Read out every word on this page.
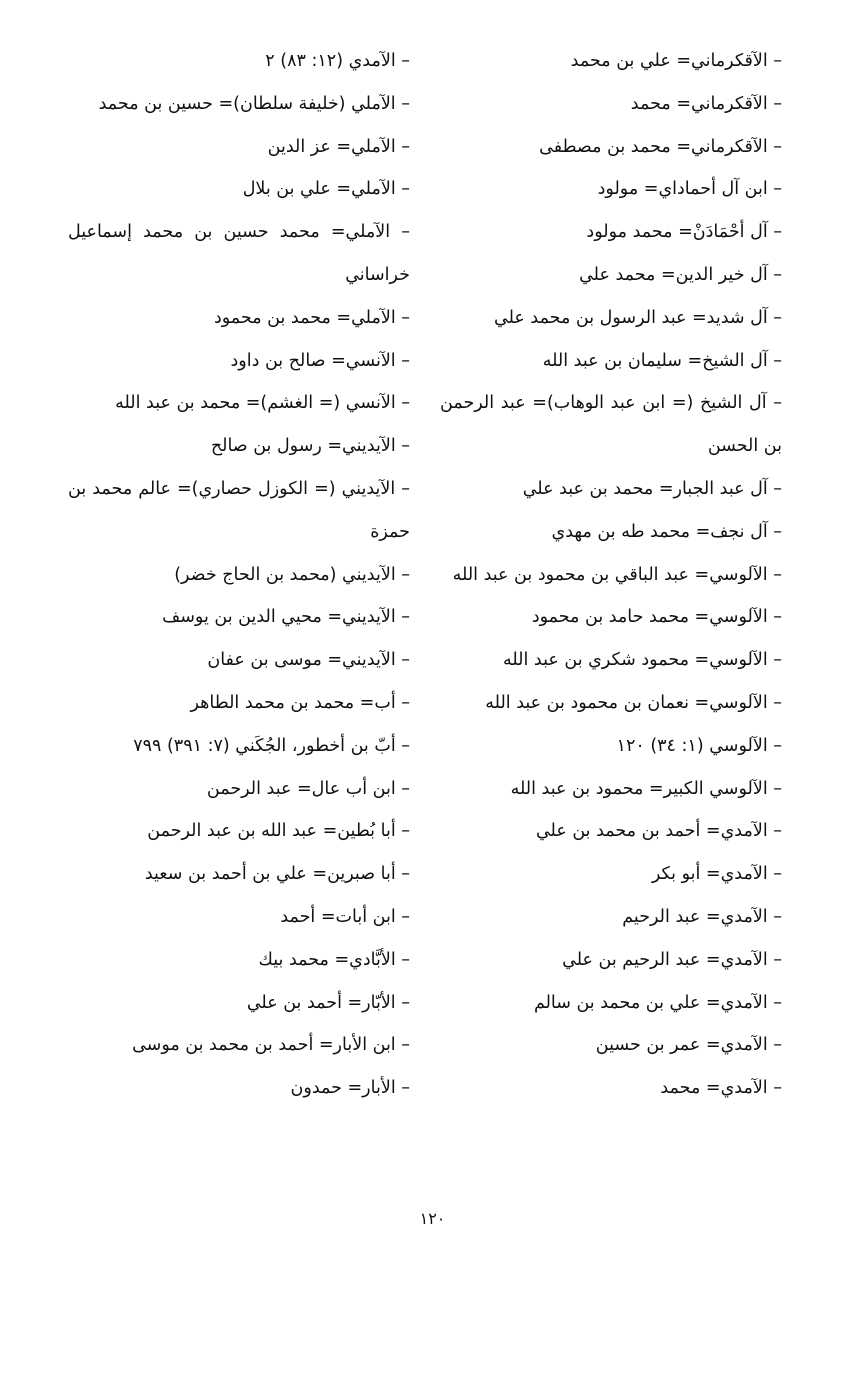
– الآقكرماني= علي بن محمد
– الآقكرماني= محمد
– الآقكرماني= محمد بن مصطفى
– ابن آل أحماداي= مولود
– آل أحْمَادَنْ= محمد مولود
– آل خير الدين= محمد علي
– آل شديد= عبد الرسول بن محمد علي
– آل الشيخ= سليمان بن عبد الله
– آل الشيخ (= ابن عبد الوهاب)= عبد الرحمن بن الحسن
– آل عبد الجبار= محمد بن عبد علي
– آل نجف= محمد طه بن مهدي
– الآلوسي= عبد الباقي بن محمود بن عبد الله
– الآلوسي= محمد حامد بن محمود
– الآلوسي= محمود شكري بن عبد الله
– الآلوسي= نعمان بن محمود بن عبد الله
– الآلوسي (١: ٣٤) ١٢٠
– الآلوسي الكبير= محمود بن عبد الله
– الآمدي= أحمد بن محمد بن علي
– الآمدي= أبو بكر
– الآمدي= عبد الرحيم
– الآمدي= عبد الرحيم بن علي
– الآمدي= علي بن محمد بن سالم
– الآمدي= عمر بن حسين
– الآمدي= محمد
– الآمدي (١٢: ٨٣) ٢
– الآملي (خليفة سلطان)= حسين بن محمد
– الآملي= عز الدين
– الآملي= علي بن بلال
– الآملي= محمد حسين بن محمد إسماعيل خراساني
– الآملي= محمد بن محمود
– الآنسي= صالح بن داود
– الآنسي (= الغشم)= محمد بن عبد الله
– الآيديني= رسول بن صالح
– الآيديني (= الكوزل حصاري)= عالم محمد بن حمزة
– الآيديني (محمد بن الحاج خضر)
– الآيديني= محيي الدين بن يوسف
– الآيديني= موسى بن عفان
– أب= محمد بن محمد الطاهر
– أبّ بن أخطور، الجُكَني (٧: ٣٩١) ٧٩٩
– ابن أب عال= عبد الرحمن
– أبا بُطين= عبد الله بن عبد الرحمن
– أبا صبرين= علي بن أحمد بن سعيد
– ابن أبات= أحمد
– الأبَّادي= محمد بيك
– الأبّار= أحمد بن علي
– ابن الأبار= أحمد بن محمد بن موسى
– الأبار= حمدون
١٢٠
